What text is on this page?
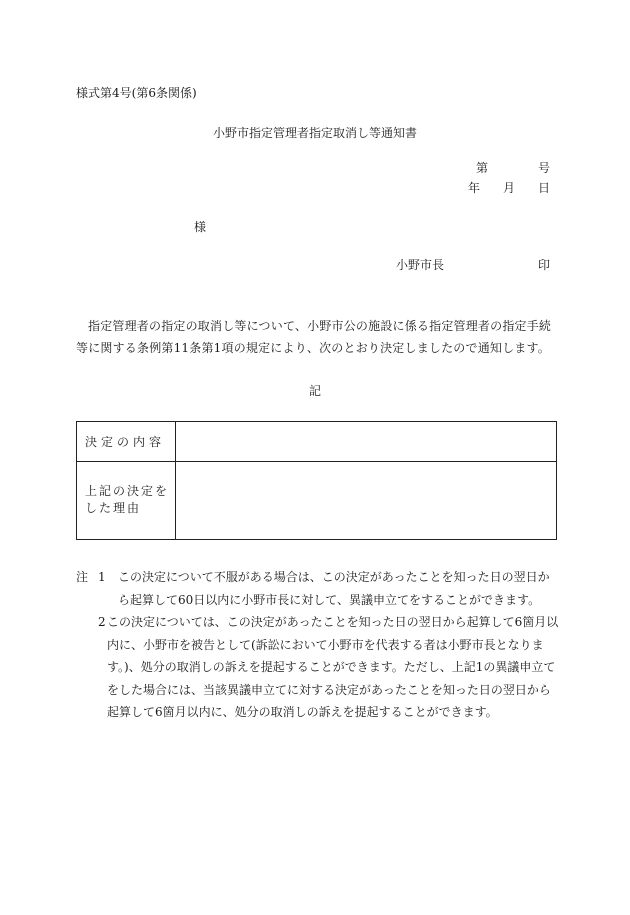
様式第4号(第6条関係)
小野市指定管理者指定取消し等通知書
第	号
年 月 日
様
小野市長	印
指定管理者の指定の取消し等について、小野市公の施設に係る指定管理者の指定手続等に関する条例第11条第1項の規定により、次のとおり決定しましたので通知します。
記
決定の内容	
上記の決定をした理由	
注 1 この決定について不服がある場合は、この決定があったことを知った日の翌日から起算して60日以内に小野市長に対して、異議申立てをすることができます。
2 この決定については、この決定があったことを知った日の翌日から起算して6箇月以内に、小野市を被告として(訴訟において小野市を代表する者は小野市長となります。)、処分の取消しの訴えを提起することができます。ただし、上記1の異議申立てをした場合には、当該異議申立てに対する決定があったことを知った日の翌日から起算して6箇月以内に、処分の取消しの訴えを提起することができます。
